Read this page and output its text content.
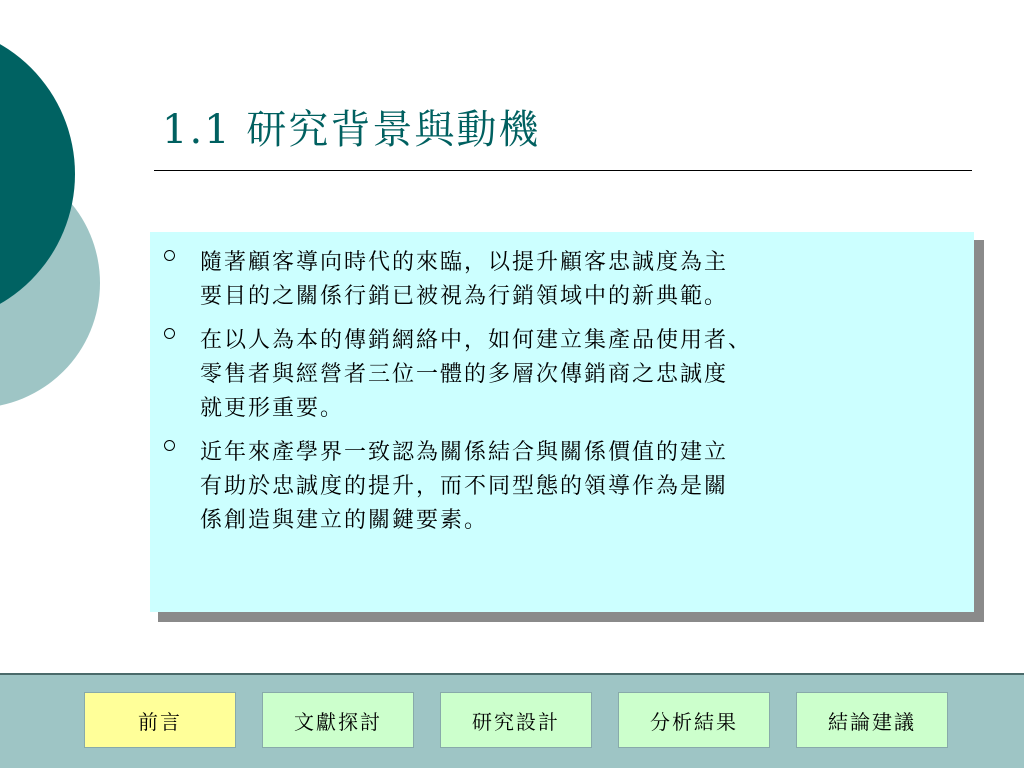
1.1 研究背景與動機
隨著顧客導向時代的來臨，以提升顧客忠誠度為主
要目的之關係行銷已被視為行銷領域中的新典範。
在以人為本的傳銷網絡中，如何建立集產品使用者、
零售者與經營者三位一體的多層次傳銷商之忠誠度
就更形重要。
近年來產學界一致認為關係結合與關係價值的建立
有助於忠誠度的提升，而不同型態的領導作為是關
係創造與建立的關鍵要素。
前言	文獻探討	研究設計	分析結果	結論建議
